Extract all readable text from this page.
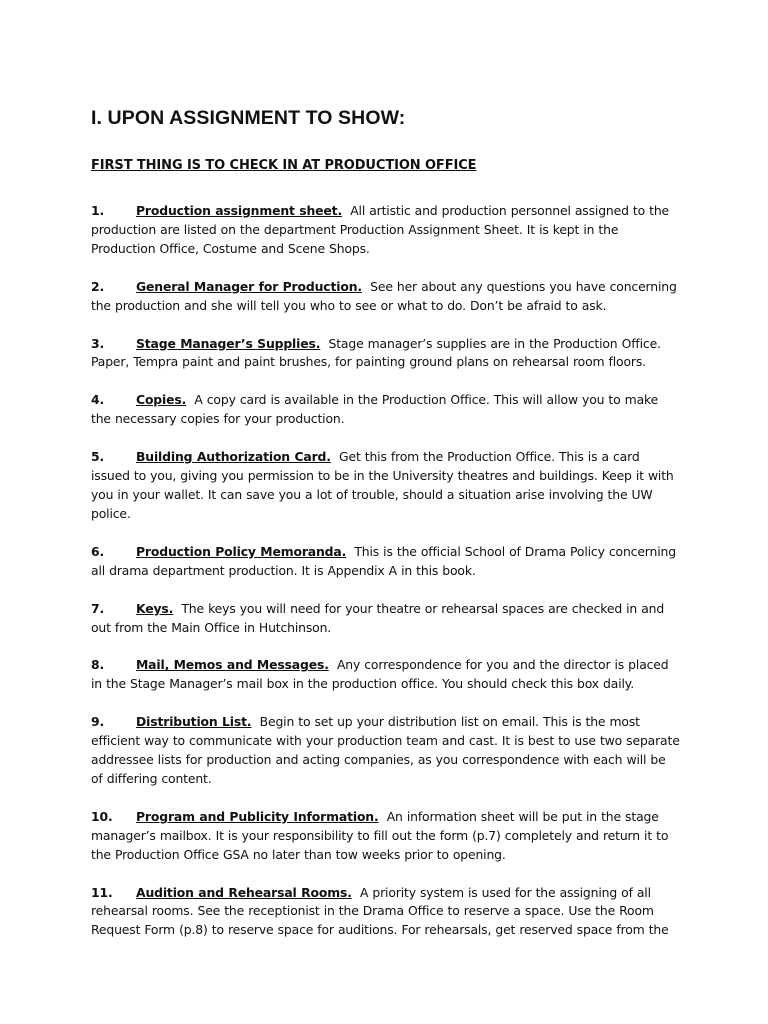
I. UPON ASSIGNMENT TO SHOW:
FIRST THING IS TO CHECK IN AT PRODUCTION OFFICE

1.	Production assignment sheet. All artistic and production personnel assigned to the production are listed on the department Production Assignment Sheet. It is kept in the Production Office, Costume and Scene Shops.

2.	General Manager for Production. See her about any questions you have concerning the production and she will tell you who to see or what to do. Don’t be afraid to ask.

3.	Stage Manager’s Supplies. Stage manager’s supplies are in the Production Office. Paper, Tempra paint and paint brushes, for painting ground plans on rehearsal room floors.

4.	Copies. A copy card is available in the Production Office. This will allow you to make the necessary copies for your production.

5.	Building Authorization Card. Get this from the Production Office. This is a card issued to you, giving you permission to be in the University theatres and buildings. Keep it with you in your wallet. It can save you a lot of trouble, should a situation arise involving the UW police.

6.	Production Policy Memoranda.  This is the official School of Drama Policy concerning all drama department production. It is Appendix A in this book.

7.	Keys. The keys you will need for your theatre or rehearsal spaces are checked in and out from the Main Office in Hutchinson.

8.	Mail, Memos and Messages. Any correspondence for you and the director is placed in the Stage Manager’s mail box in the production office. You should check this box daily.

9.	Distribution List. Begin to set up your distribution list on email. This is the most efficient way to communicate with your production team and cast. It is best to use two separate addressee lists for production and acting companies, as you correspondence with each will be of differing content.

10. Program and Publicity Information. An information sheet will be put in the stage manager’s mailbox. It is your responsibility to fill out the form (p.7) completely and return it to the Production Office GSA no later than tow weeks prior to opening.

11. Audition and Rehearsal Rooms. A priority system is used for the assigning of all rehearsal rooms. See the receptionist in the Drama Office to reserve a space. Use the Room Request Form (p.8) to reserve space for auditions. For rehearsals, get reserved space from the
